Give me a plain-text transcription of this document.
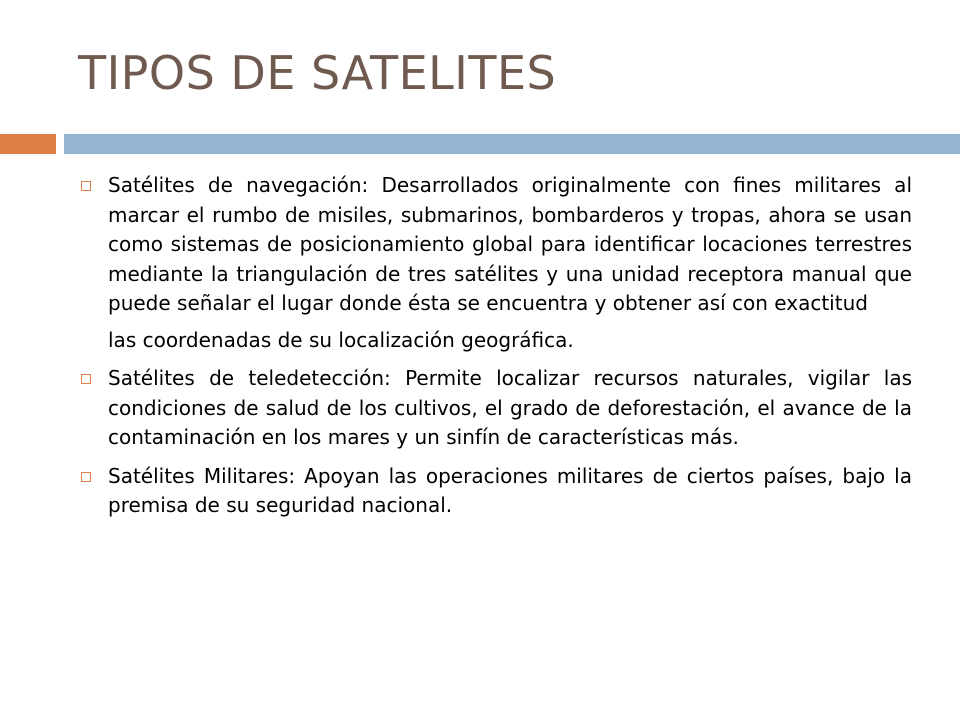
TIPOS DE SATELITES
Satélites de navegación: Desarrollados originalmente con fines militares al marcar el rumbo de misiles, submarinos, bombarderos y tropas, ahora se usan como sistemas de posicionamiento global para identificar locaciones terrestres mediante la triangulación de tres satélites y una unidad receptora manual que puede señalar el lugar donde ésta se encuentra y obtener así con exactitud
las coordenadas de su localización geográfica.
Satélites de teledetección: Permite localizar recursos naturales, vigilar las condiciones de salud de los cultivos, el grado de deforestación, el avance de la contaminación en los mares y un sinfín de características más.
Satélites Militares: Apoyan las operaciones militares de ciertos países, bajo la premisa de su seguridad nacional.
